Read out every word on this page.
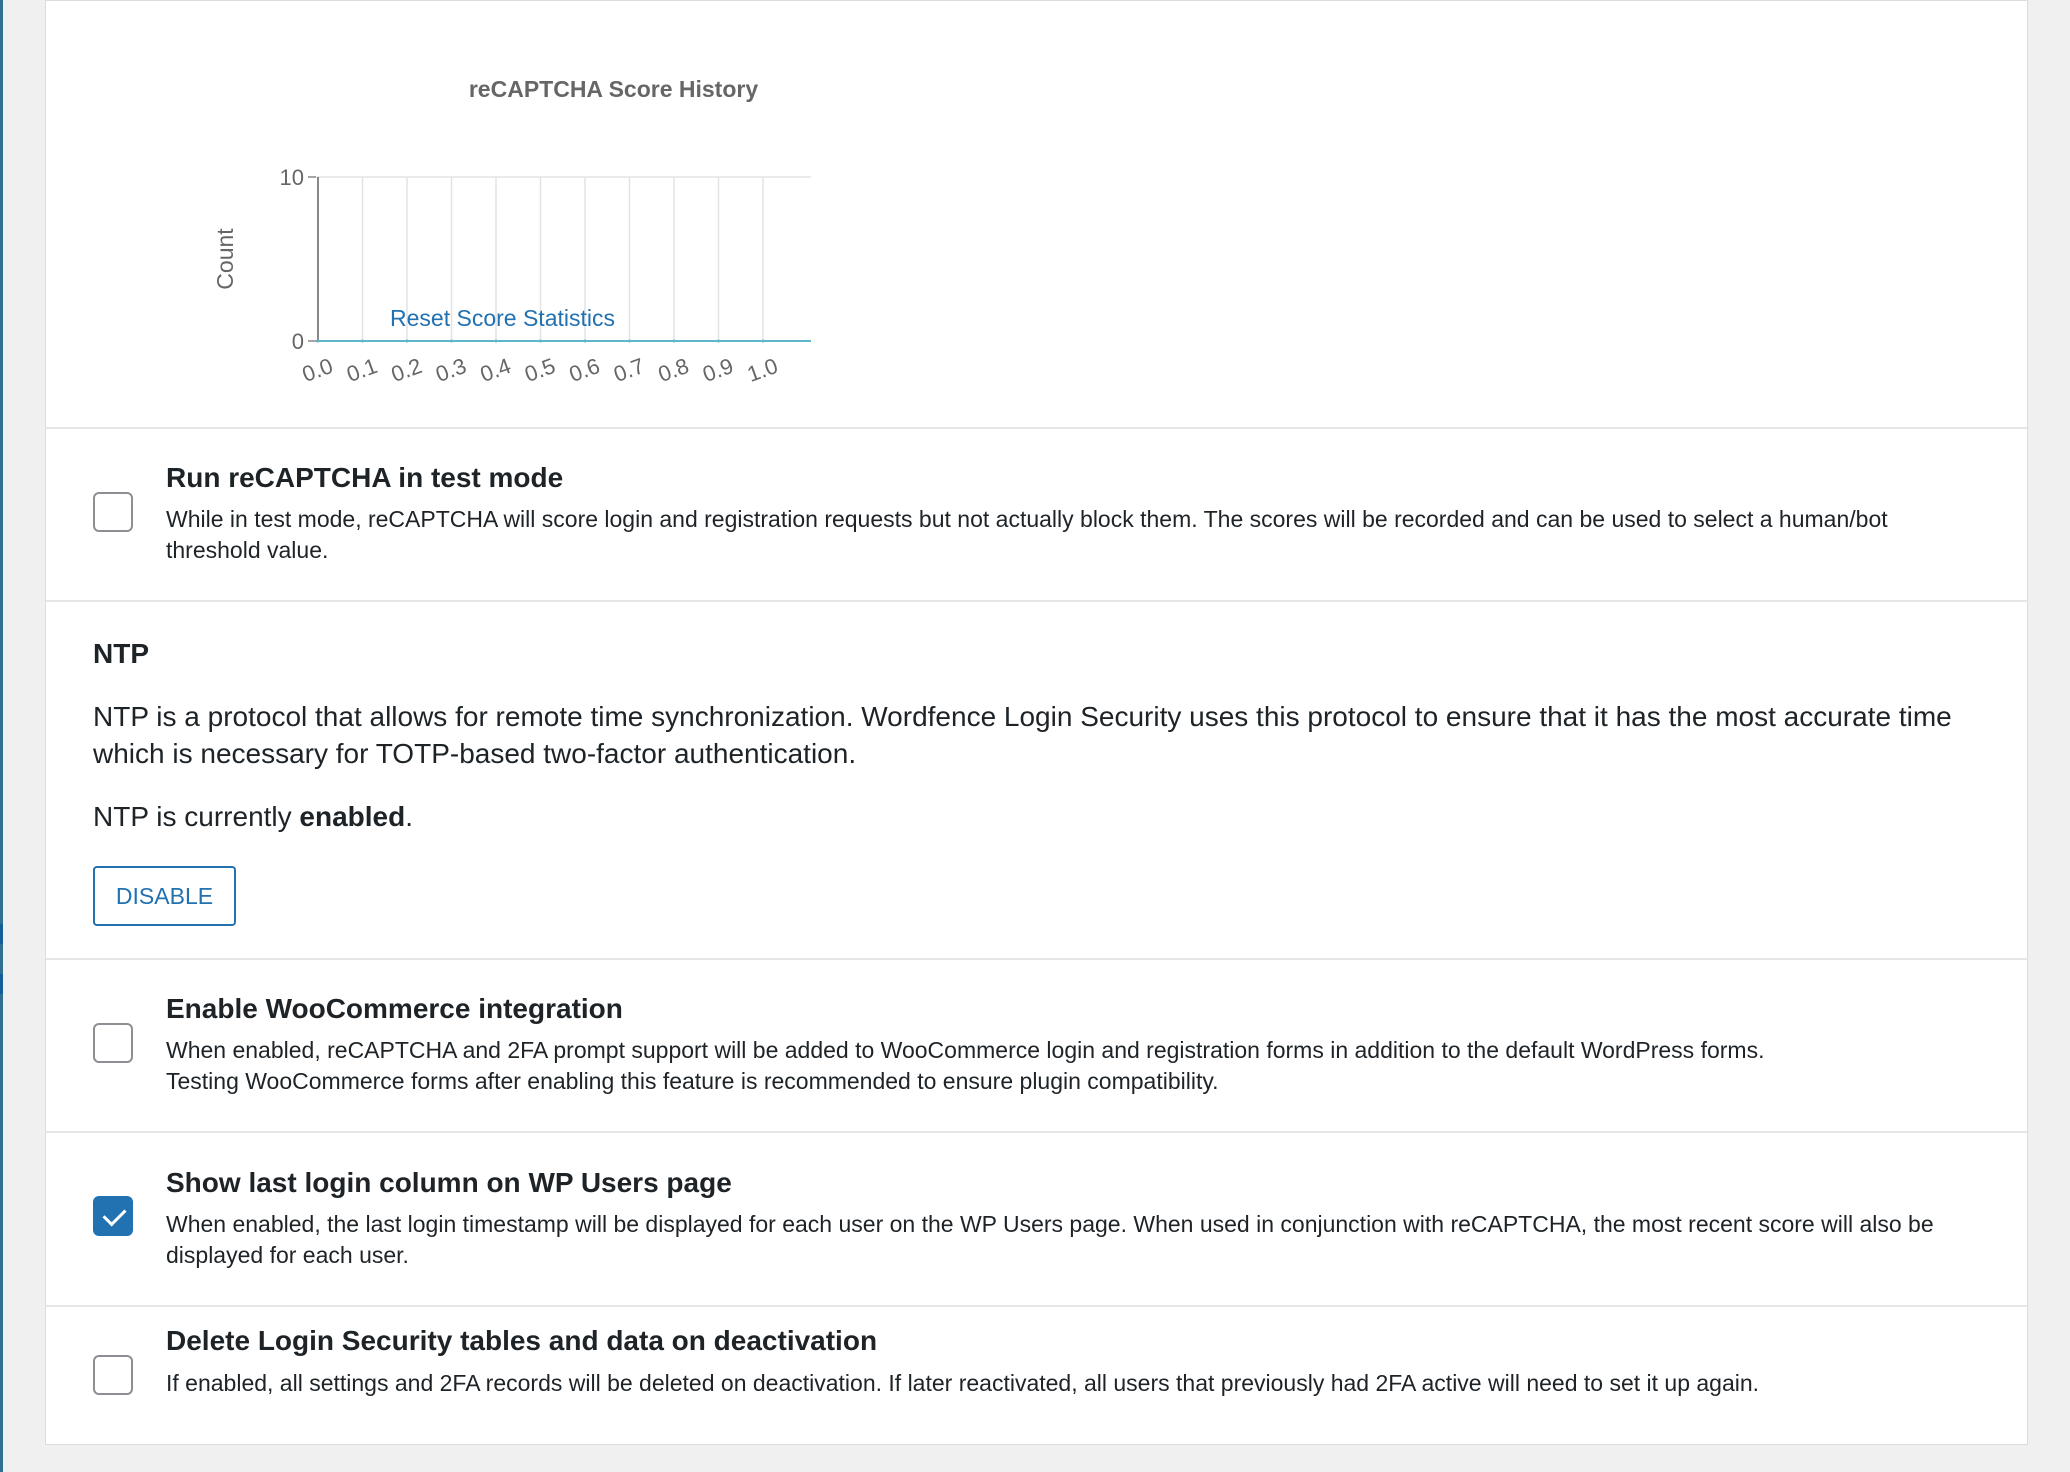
reCAPTCHA Score History
Count
0
10
0.0 0.1 0.2 0.3 0.4 0.5 0.6 0.7 0.8 0.9 1.0
Reset Score Statistics
Run reCAPTCHA in test mode
While in test mode, reCAPTCHA will score login and registration requests but not actually block them. The scores will be recorded and can be used to select a human/bot threshold value.
NTP
NTP is a protocol that allows for remote time synchronization. Wordfence Login Security uses this protocol to ensure that it has the most accurate time which is necessary for TOTP-based two-factor authentication.
NTP is currently enabled.
DISABLE
Enable WooCommerce integration
When enabled, reCAPTCHA and 2FA prompt support will be added to WooCommerce login and registration forms in addition to the default WordPress forms.
Testing WooCommerce forms after enabling this feature is recommended to ensure plugin compatibility.
Show last login column on WP Users page
When enabled, the last login timestamp will be displayed for each user on the WP Users page. When used in conjunction with reCAPTCHA, the most recent score will also be displayed for each user.
Delete Login Security tables and data on deactivation
If enabled, all settings and 2FA records will be deleted on deactivation. If later reactivated, all users that previously had 2FA active will need to set it up again.
